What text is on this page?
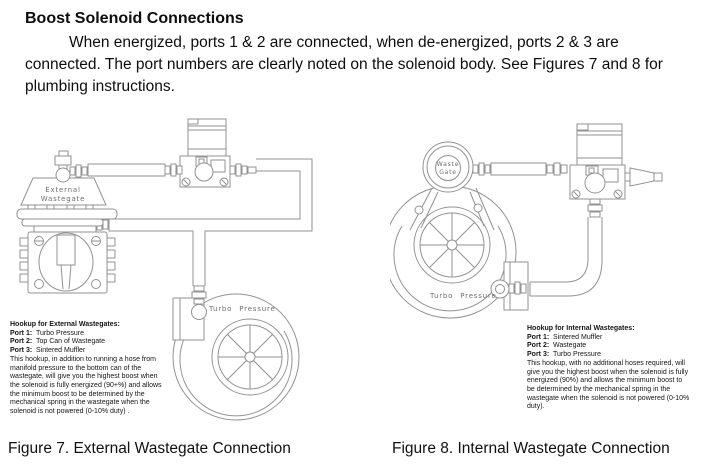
Boost Solenoid Connections

When energized, ports 1 & 2 are connected, when de-energized, ports 2 & 3 are connected. The port numbers are clearly noted on the solenoid body. See Figures 7 and 8 for plumbing instructions.

External
Wastegate
Turbo Pressure
Waste
Gate
Turbo Pressure
Hookup for External Wastegates:
Port 1: Turbo Pressure
Port 2: Top Can of Wastegate
Port 3: Sintered Muffler
This hookup, in addition to running a hose from manifold pressure to the bottom can of the wastegate, will give you the highest boost when the solenoid is fully energized (90+%) and allows the minimum boost to be determined by the mechanical spring in the wastegate when the solenoid is not powered (0-10% duty) .
Hookup for Internal Wastegates:
Port 1: Sintered Muffler
Port 2: Wastegate
Port 3: Turbo Pressure
This hookup, with no additional hoses required, will give you the highest boost when the solenoid is fully energized (90%) and allows the minimum boost to be determined by the mechanical spring in the wastegate when the solenoid is not powered (0-10% duty).
Figure 7. External Wastegate Connection	Figure 8. Internal Wastegate Connection
